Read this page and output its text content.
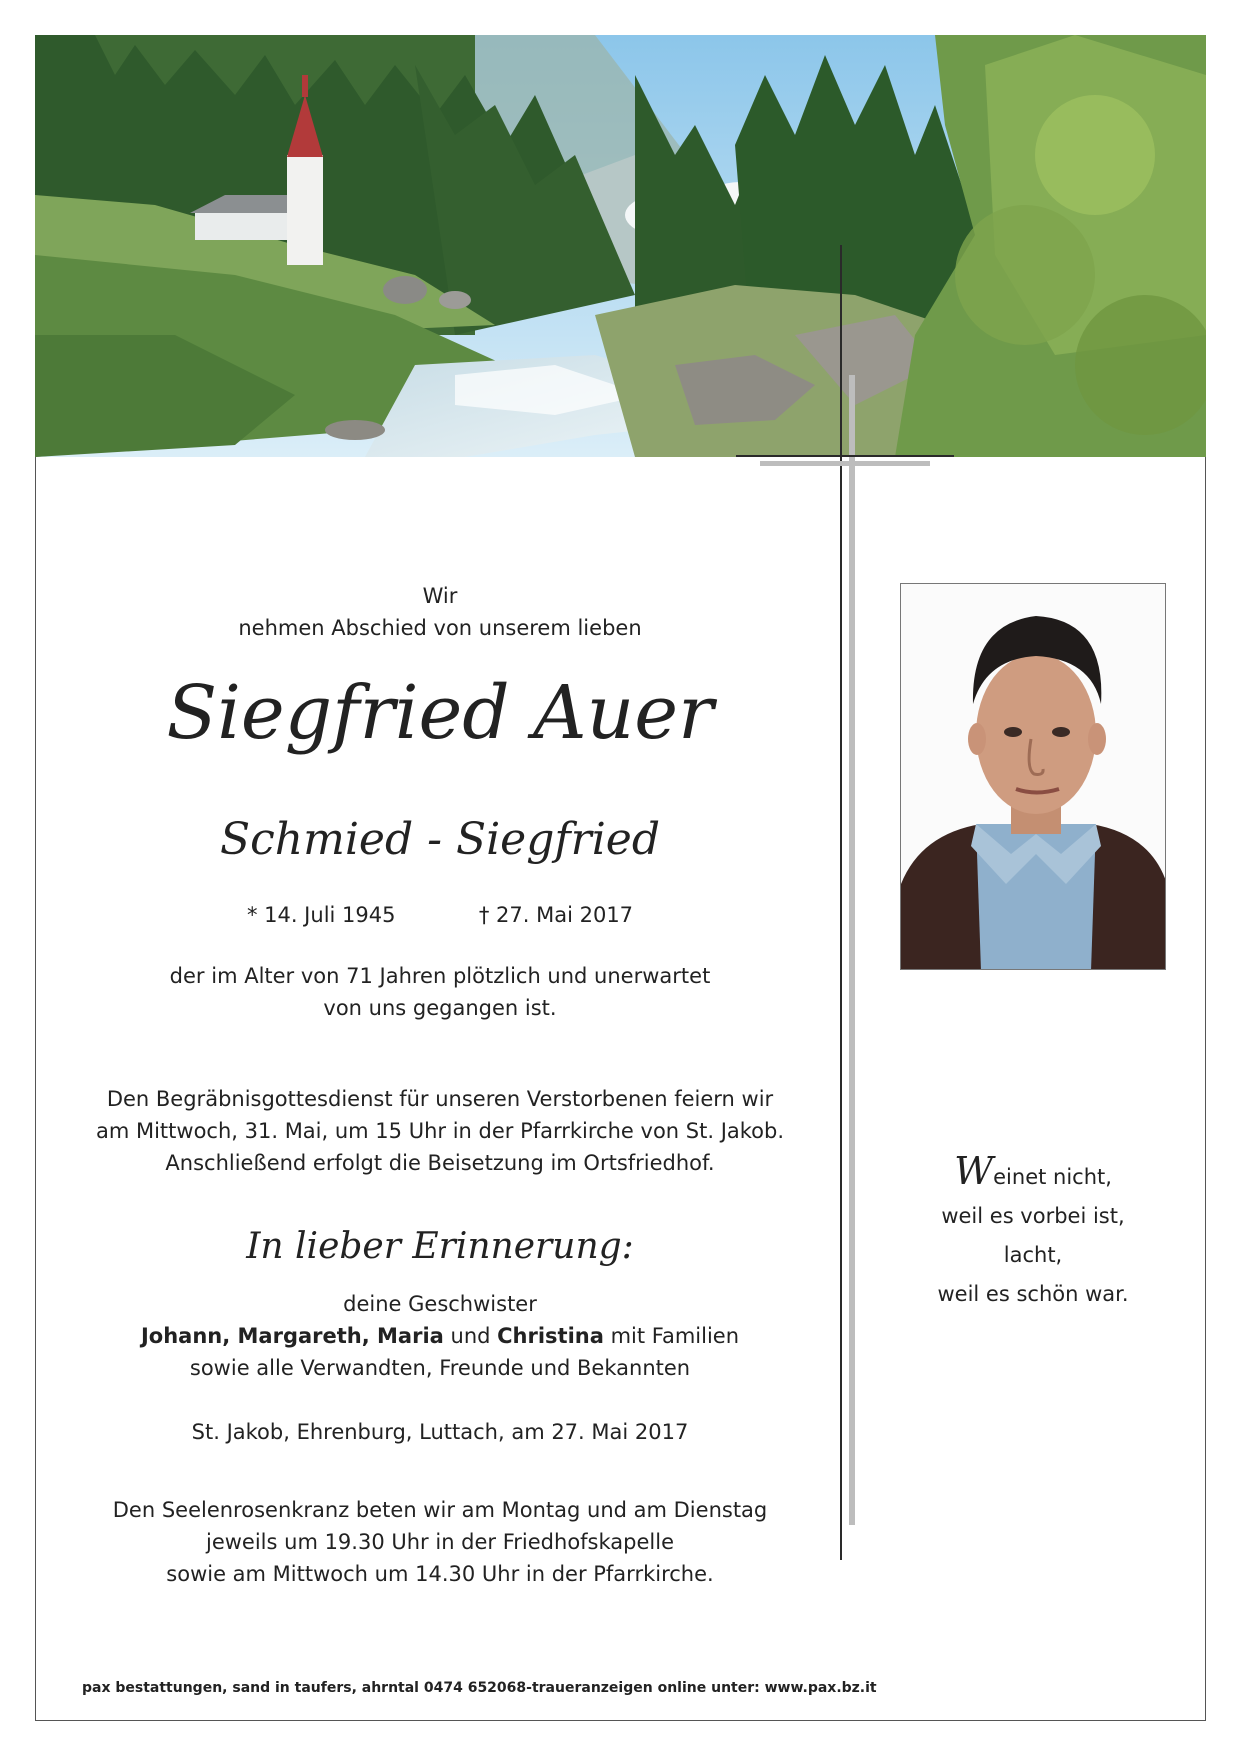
Wir
nehmen Abschied von unserem lieben
Siegfried Auer
Schmied - Siegfried
* 14. Juli 1945	† 27. Mai 2017
der im Alter von 71 Jahren plötzlich und unerwartet
von uns gegangen ist.
Den Begräbnisgottesdienst für unseren Verstorbenen feiern wir
am Mittwoch, 31. Mai, um 15 Uhr in der Pfarrkirche von St. Jakob.
Anschließend erfolgt die Beisetzung im Ortsfriedhof.
In lieber Erinnerung:
deine Geschwister
Johann, Margareth, Maria und Christina mit Familien
sowie alle Verwandten, Freunde und Bekannten
St. Jakob, Ehrenburg, Luttach, am 27. Mai 2017
Den Seelenrosenkranz beten wir am Montag und am Dienstag
jeweils um 19.30 Uhr in der Friedhofskapelle
sowie am Mittwoch um 14.30 Uhr in der Pfarrkirche.
Weinet nicht,
weil es vorbei ist,
lacht,
weil es schön war.
pax bestattungen, sand in taufers, ahrntal 0474 652068-traueranzeigen online unter: www.pax.bz.it
